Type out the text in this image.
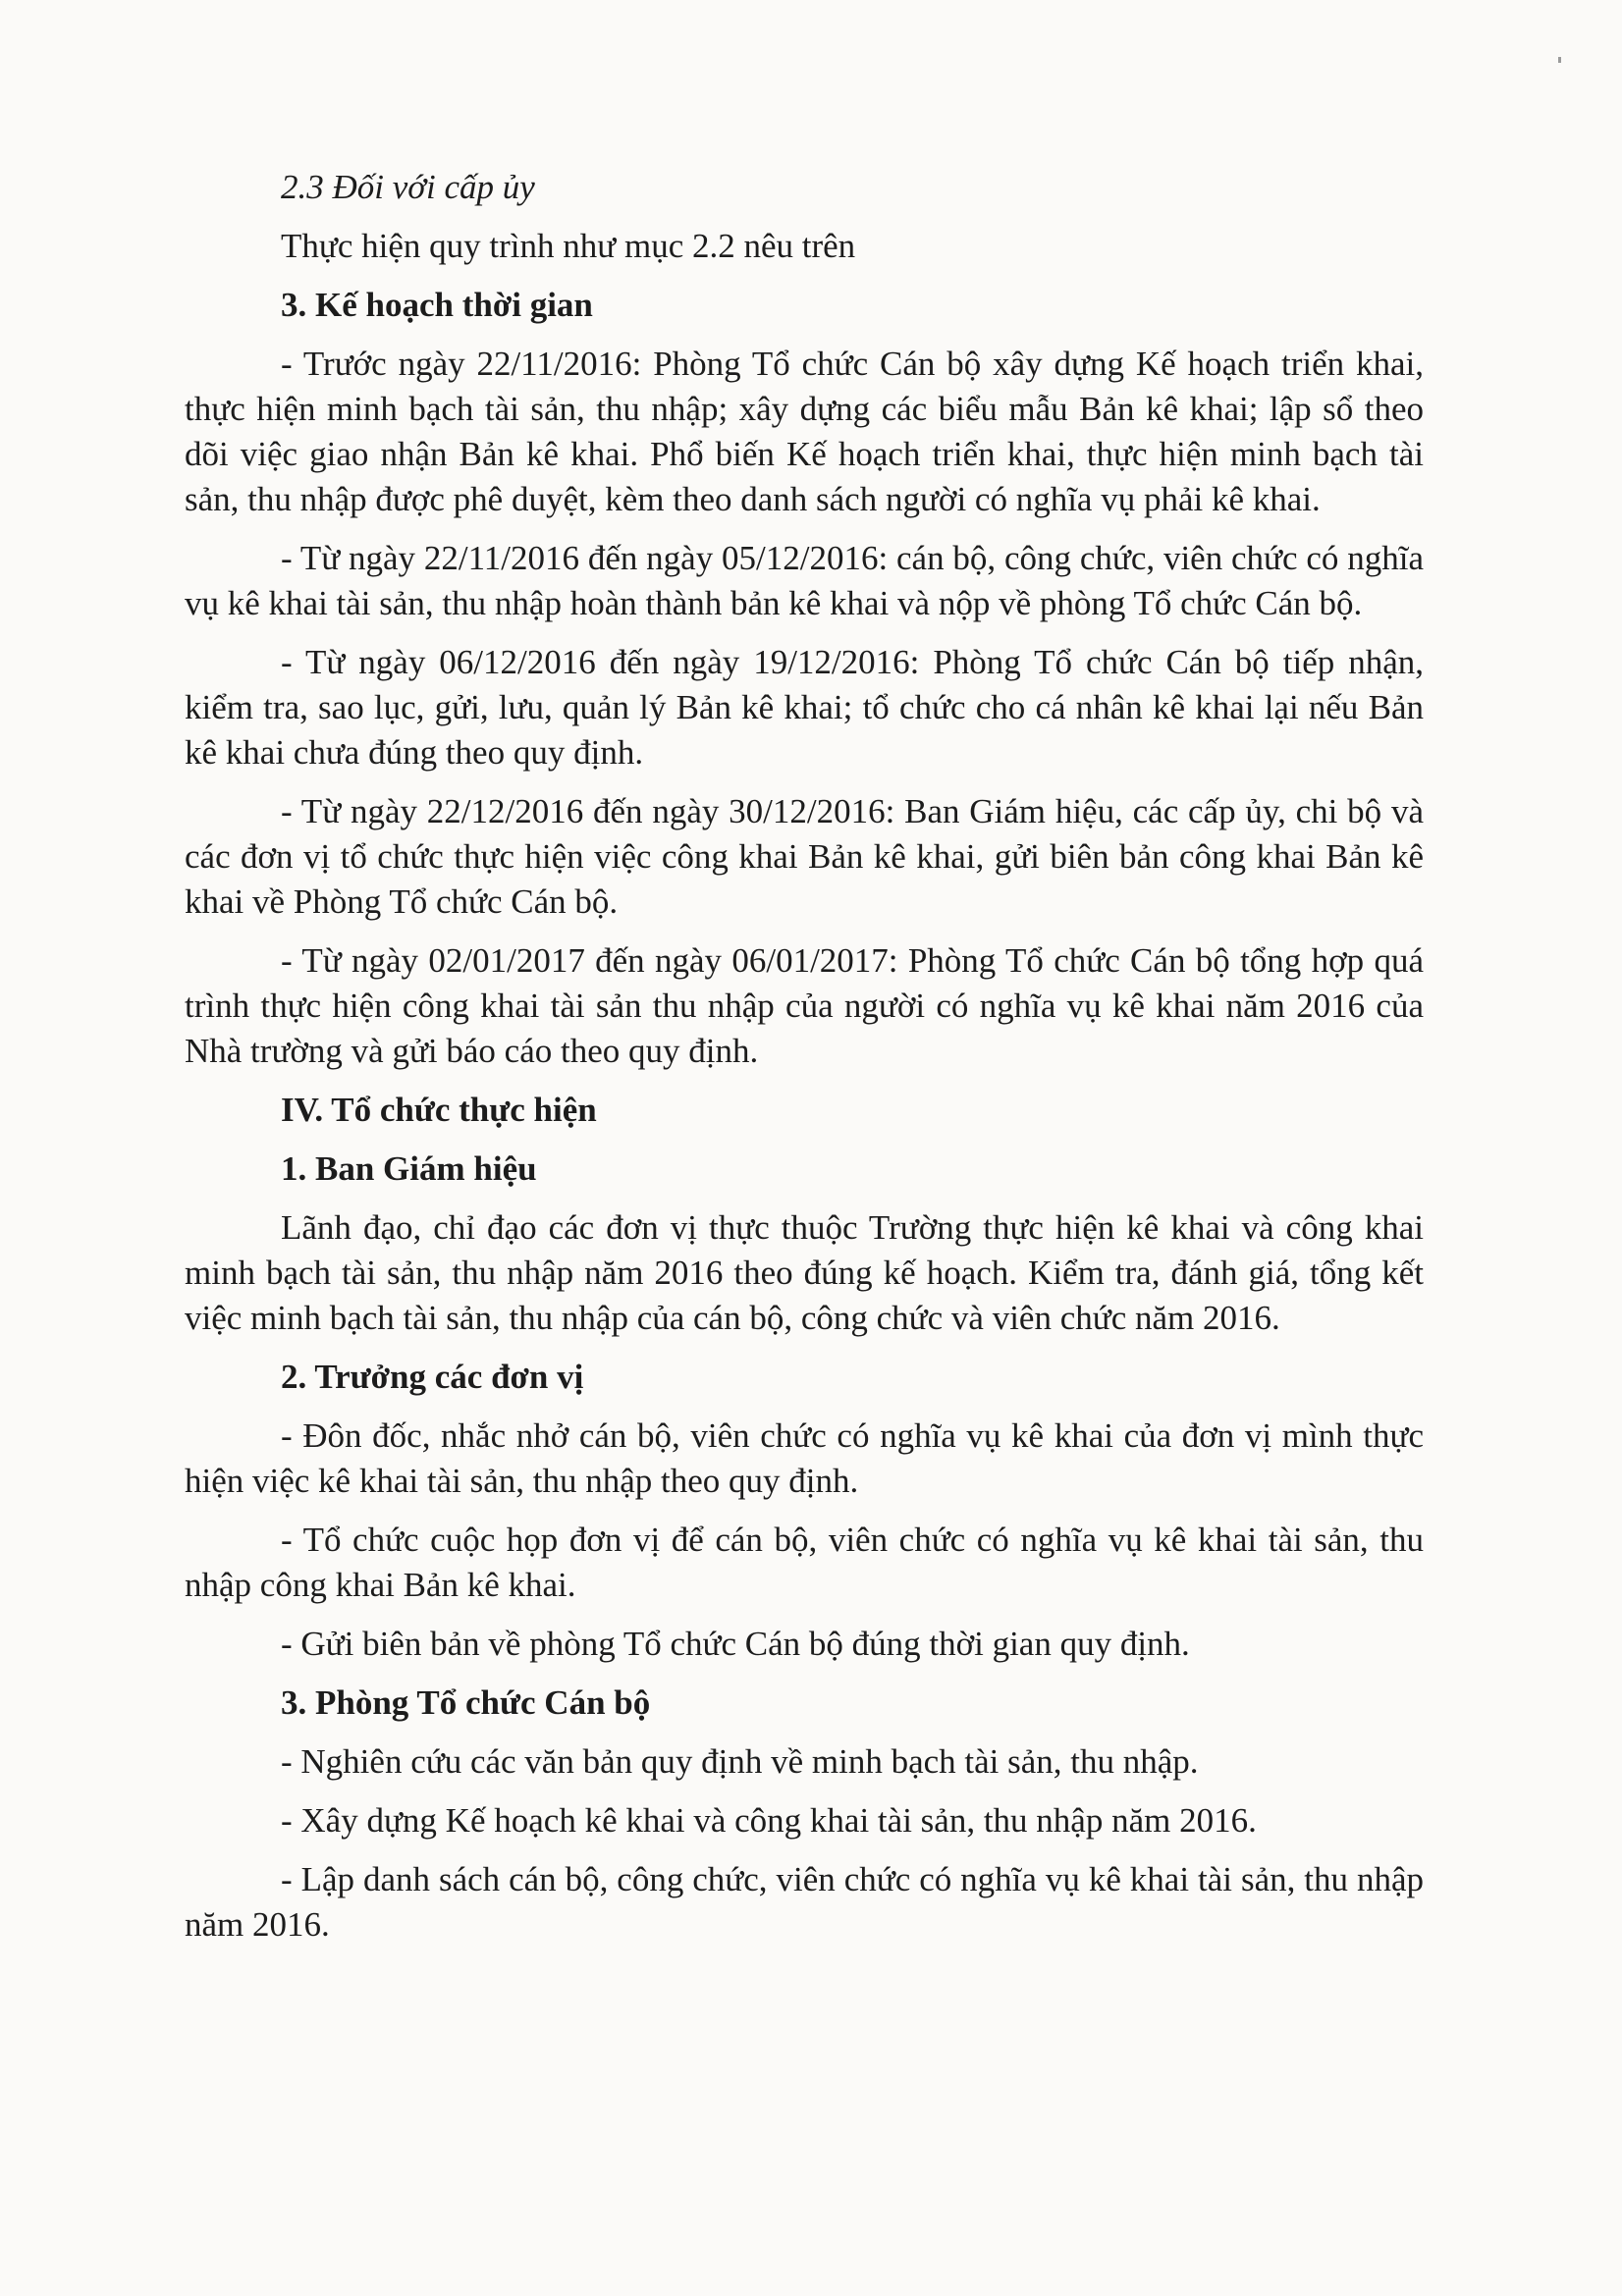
2.3 Đối với cấp ủy

Thực hiện quy trình như mục 2.2 nêu trên

3. Kế hoạch thời gian

- Trước ngày 22/11/2016: Phòng Tổ chức Cán bộ xây dựng Kế hoạch triển khai, thực hiện minh bạch tài sản, thu nhập; xây dựng các biểu mẫu Bản kê khai; lập sổ theo dõi việc giao nhận Bản kê khai. Phổ biến Kế hoạch triển khai, thực hiện minh bạch tài sản, thu nhập được phê duyệt, kèm theo danh sách người có nghĩa vụ phải kê khai.

- Từ ngày 22/11/2016 đến ngày 05/12/2016: cán bộ, công chức, viên chức có nghĩa vụ kê khai tài sản, thu nhập hoàn thành bản kê khai và nộp về phòng Tổ chức Cán bộ.

- Từ ngày 06/12/2016 đến ngày 19/12/2016: Phòng Tổ chức Cán bộ tiếp nhận, kiểm tra, sao lục, gửi, lưu, quản lý Bản kê khai; tổ chức cho cá nhân kê khai lại nếu Bản kê khai chưa đúng theo quy định.

- Từ ngày 22/12/2016 đến ngày 30/12/2016: Ban Giám hiệu, các cấp ủy, chi bộ và các đơn vị tổ chức thực hiện việc công khai Bản kê khai, gửi biên bản công khai Bản kê khai về Phòng Tổ chức Cán bộ.

- Từ ngày 02/01/2017 đến ngày 06/01/2017: Phòng Tổ chức Cán bộ tổng hợp quá trình thực hiện công khai tài sản thu nhập của người có nghĩa vụ kê khai năm 2016 của Nhà trường và gửi báo cáo theo quy định.

IV. Tổ chức thực hiện

1. Ban Giám hiệu

Lãnh đạo, chỉ đạo các đơn vị thực thuộc Trường thực hiện kê khai và công khai minh bạch tài sản, thu nhập năm 2016 theo đúng kế hoạch. Kiểm tra, đánh giá, tổng kết việc minh bạch tài sản, thu nhập của cán bộ, công chức và viên chức năm 2016.

2. Trưởng các đơn vị

- Đôn đốc, nhắc nhở cán bộ, viên chức có nghĩa vụ kê khai của đơn vị mình thực hiện việc kê khai tài sản, thu nhập theo quy định.

- Tổ chức cuộc họp đơn vị để cán bộ, viên chức có nghĩa vụ kê khai tài sản, thu nhập công khai Bản kê khai.

- Gửi biên bản về phòng Tổ chức Cán bộ đúng thời gian quy định.

3. Phòng Tổ chức Cán bộ

- Nghiên cứu các văn bản quy định về minh bạch tài sản, thu nhập.

- Xây dựng Kế hoạch kê khai và công khai tài sản, thu nhập năm 2016.

- Lập danh sách cán bộ, công chức, viên chức có nghĩa vụ kê khai tài sản, thu nhập năm 2016.
